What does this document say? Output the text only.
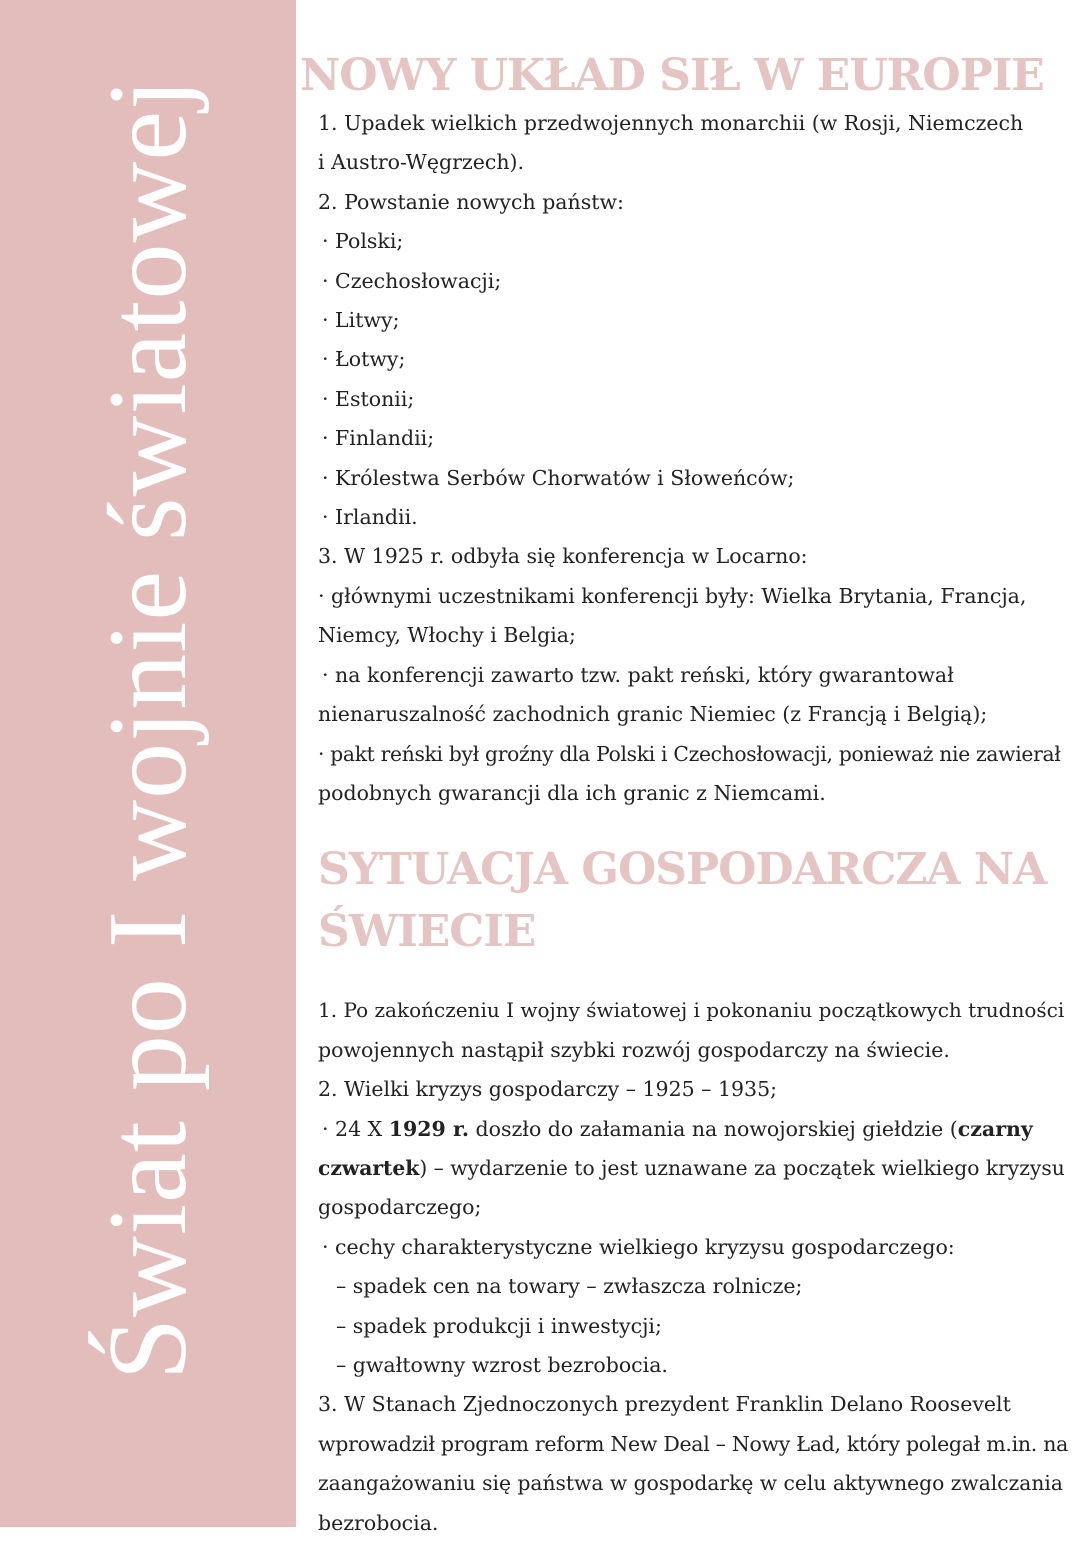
Świat po I wojnie światowej
NOWY UKŁAD SIŁ W EUROPIE
1. Upadek wielkich przedwojennych monarchii (w Rosji, Niemczech
i Austro-Węgrzech).
2. Powstanie nowych państw:
· Polski;
· Czechosłowacji;
· Litwy;
· Łotwy;
· Estonii;
· Finlandii;
· Królestwa Serbów Chorwatów i Słoweńców;
· Irlandii.
3. W 1925 r. odbyła się konferencja w Locarno:
· głównymi uczestnikami konferencji były: Wielka Brytania, Francja,
Niemcy, Włochy i Belgia;
· na konferencji zawarto tzw. pakt reński, który gwarantował
nienaruszalność zachodnich granic Niemiec (z Francją i Belgią);
· pakt reński był groźny dla Polski i Czechosłowacji, ponieważ nie zawierał
podobnych gwarancji dla ich granic z Niemcami.
SYTUACJA GOSPODARCZA NA
ŚWIECIE
1. Po zakończeniu I wojny światowej i pokonaniu początkowych trudności
powojennych nastąpił szybki rozwój gospodarczy na świecie.
2. Wielki kryzys gospodarczy – 1925 – 1935;
· 24 X 1929 r. doszło do załamania na nowojorskiej giełdzie (czarny
czwartek) – wydarzenie to jest uznawane za początek wielkiego kryzysu
gospodarczego;
· cechy charakterystyczne wielkiego kryzysu gospodarczego:
– spadek cen na towary – zwłaszcza rolnicze;
– spadek produkcji i inwestycji;
– gwałtowny wzrost bezrobocia.
3. W Stanach Zjednoczonych prezydent Franklin Delano Roosevelt
wprowadził program reform New Deal – Nowy Ład, który polegał m.in. na
zaangażowaniu się państwa w gospodarkę w celu aktywnego zwalczania
bezrobocia.
